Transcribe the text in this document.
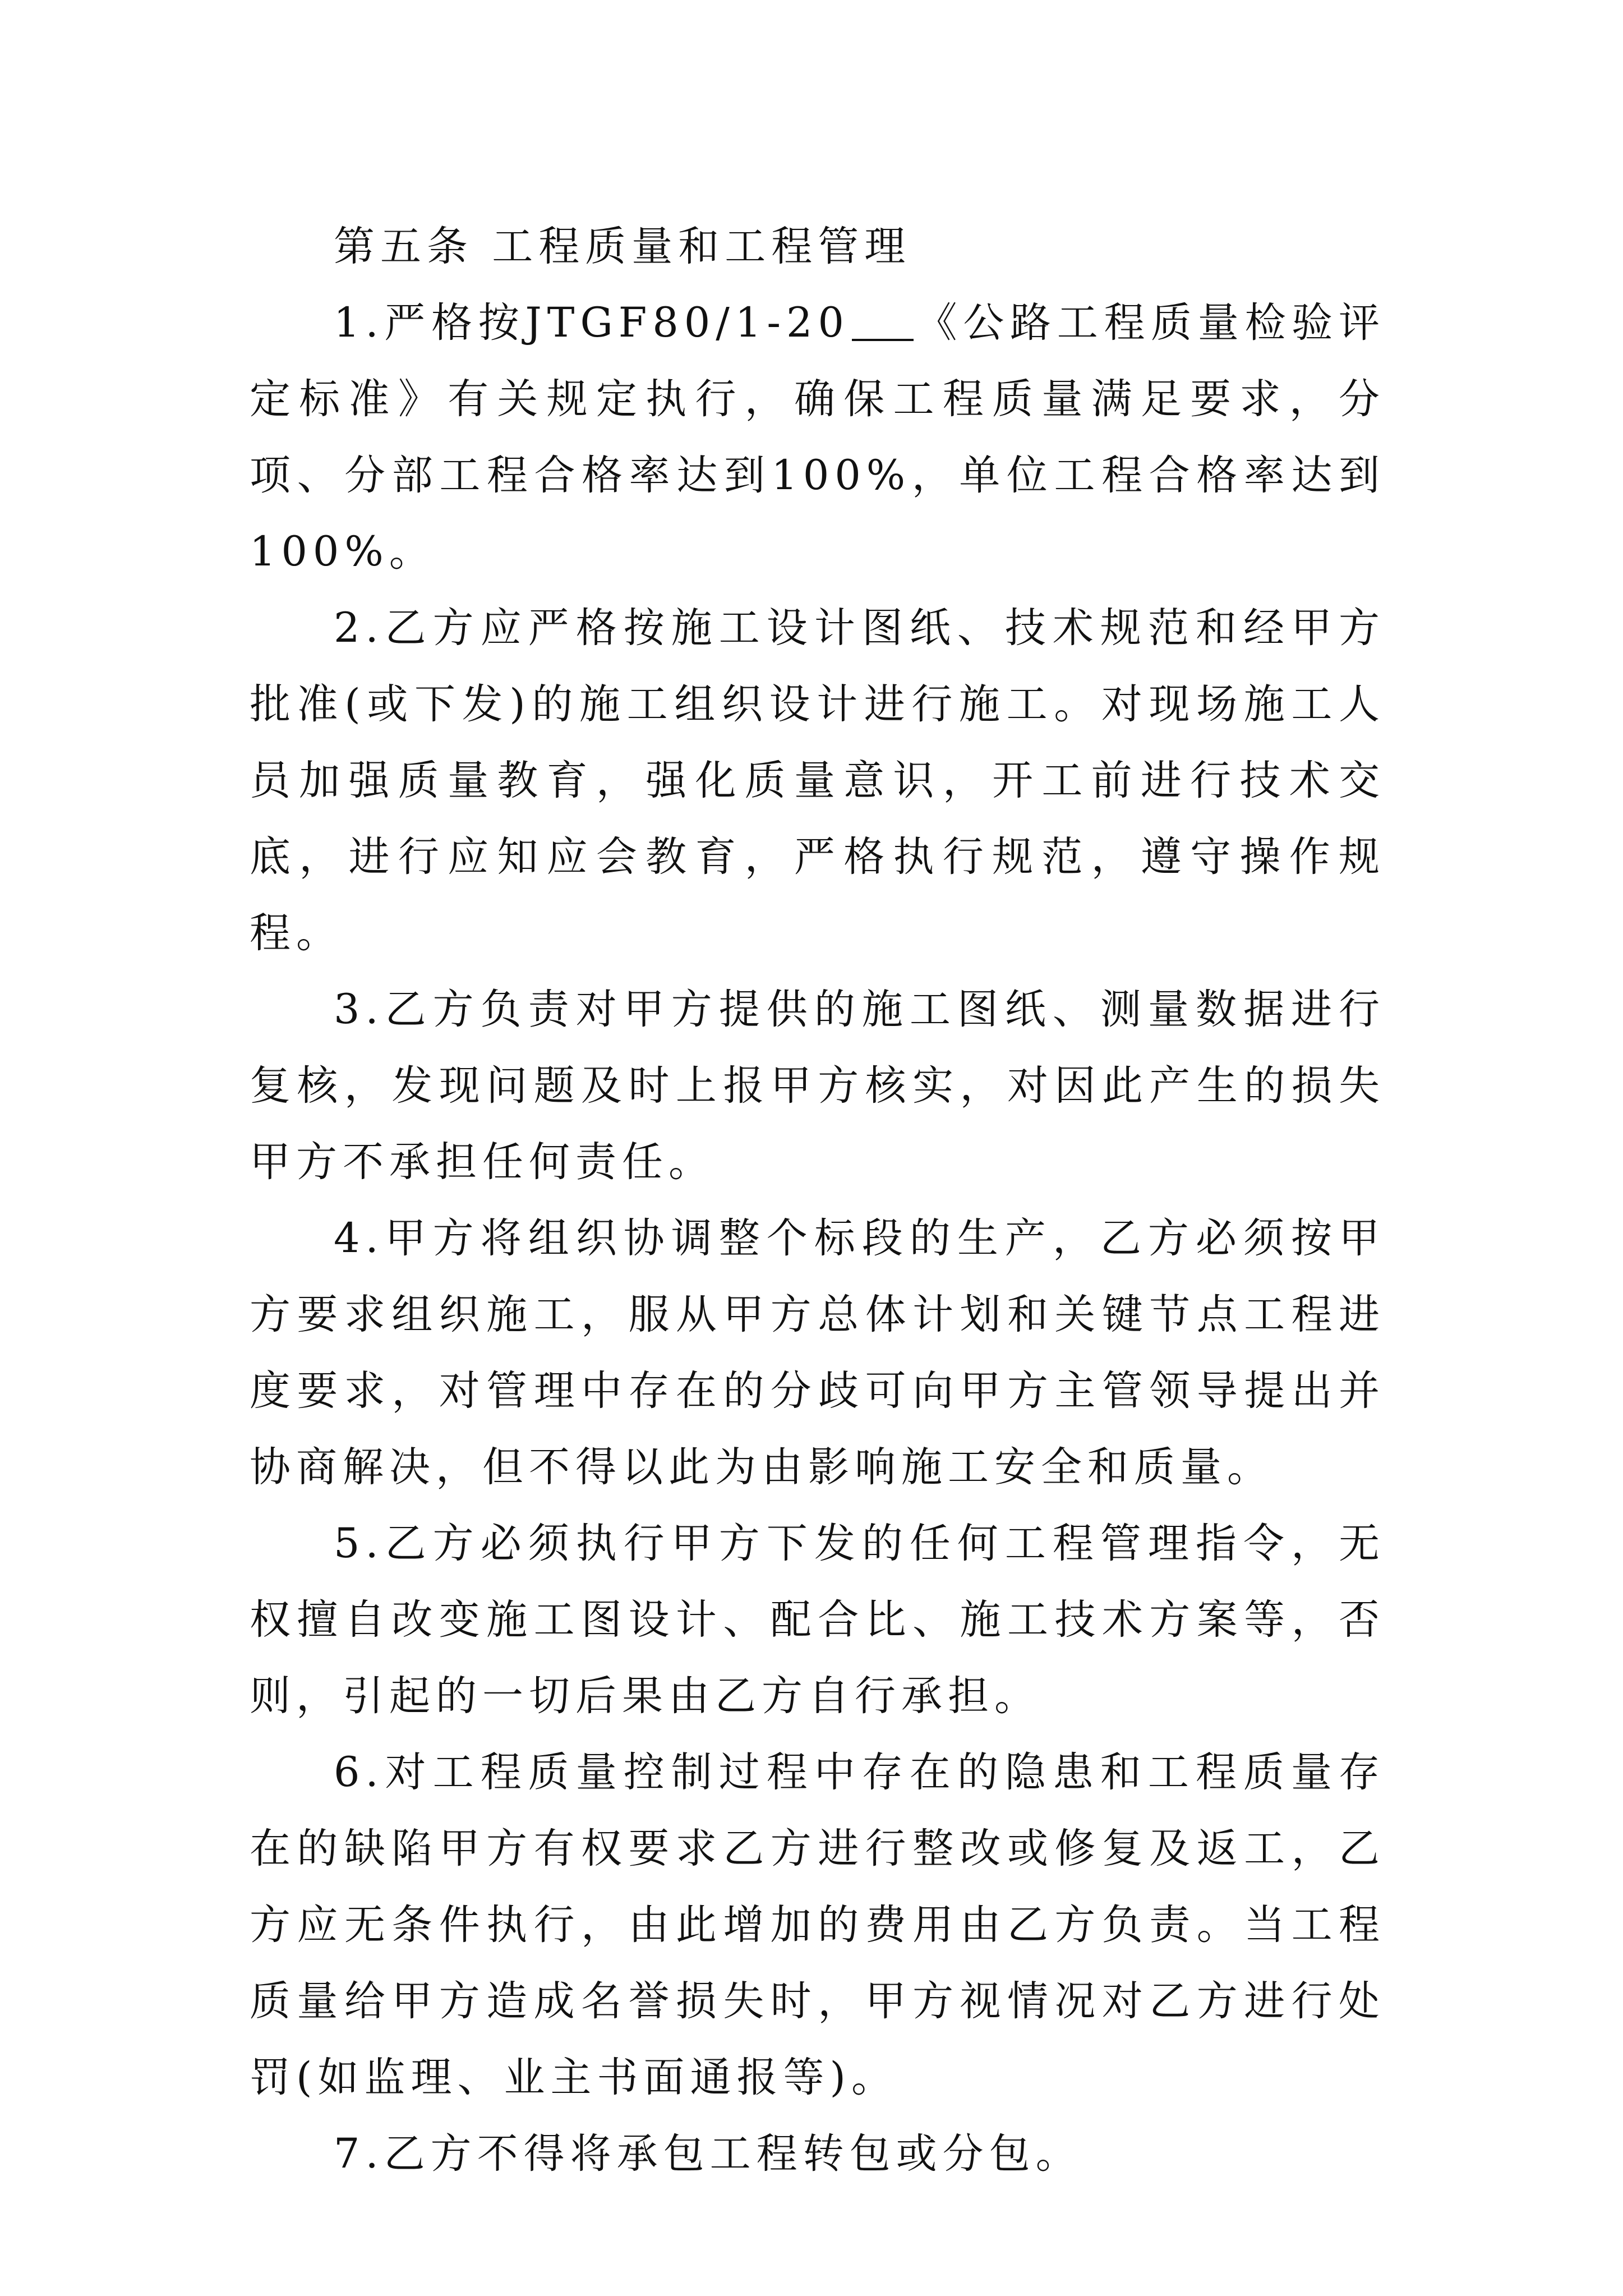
第五条 工程质量和工程管理

1.严格按JTGF80/1-20 《公路工程质量检验评定标准》有关规定执行，确保工程质量满足要求，分项、分部工程合格率达到100%，单位工程合格率达到100%。

2.乙方应严格按施工设计图纸、技术规范和经甲方批准(或下发)的施工组织设计进行施工。对现场施工人员加强质量教育，强化质量意识，开工前进行技术交底，进行应知应会教育，严格执行规范，遵守操作规程。

3.乙方负责对甲方提供的施工图纸、测量数据进行复核，发现问题及时上报甲方核实，对因此产生的损失甲方不承担任何责任。

4.甲方将组织协调整个标段的生产，乙方必须按甲方要求组织施工，服从甲方总体计划和关键节点工程进度要求，对管理中存在的分歧可向甲方主管领导提出并协商解决，但不得以此为由影响施工安全和质量。

5.乙方必须执行甲方下发的任何工程管理指令，无权擅自改变施工图设计、配合比、施工技术方案等，否则，引起的一切后果由乙方自行承担。

6.对工程质量控制过程中存在的隐患和工程质量存在的缺陷甲方有权要求乙方进行整改或修复及返工，乙方应无条件执行，由此增加的费用由乙方负责。当工程质量给甲方造成名誉损失时，甲方视情况对乙方进行处罚(如监理、业主书面通报等)。

7.乙方不得将承包工程转包或分包。
